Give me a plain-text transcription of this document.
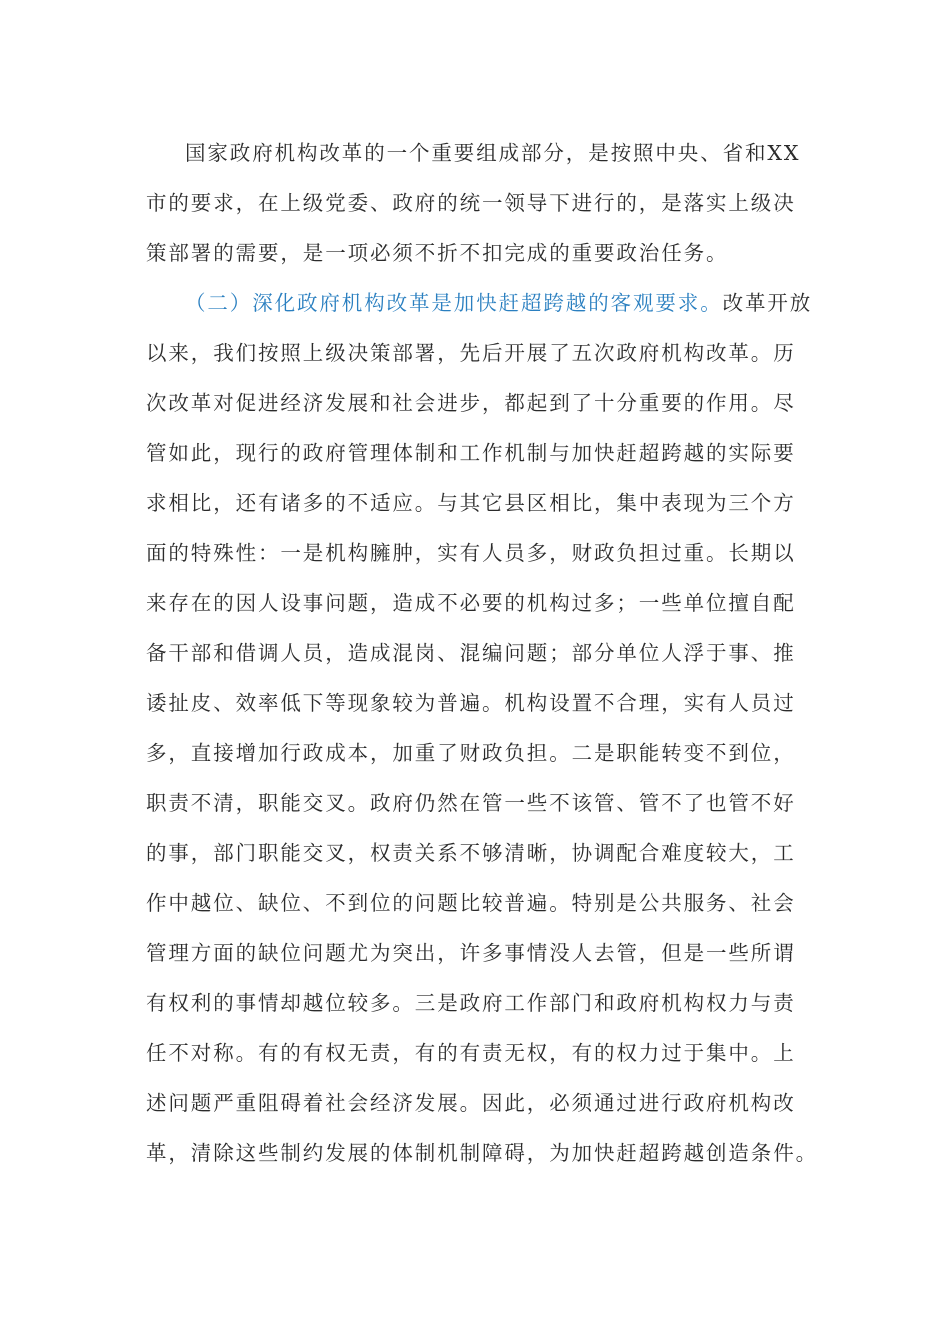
国家政府机构改革的一个重要组成部分，是按照中央、省和XX
市的要求，在上级党委、政府的统一领导下进行的，是落实上级决
策部署的需要，是一项必须不折不扣完成的重要政治任务。
（二）深化政府机构改革是加快赶超跨越的客观要求。改革开放
以来，我们按照上级决策部署，先后开展了五次政府机构改革。历
次改革对促进经济发展和社会进步，都起到了十分重要的作用。尽
管如此，现行的政府管理体制和工作机制与加快赶超跨越的实际要
求相比，还有诸多的不适应。与其它县区相比，集中表现为三个方
面的特殊性：一是机构臃肿，实有人员多，财政负担过重。长期以
来存在的因人设事问题，造成不必要的机构过多；一些单位擅自配
备干部和借调人员，造成混岗、混编问题；部分单位人浮于事、推
诿扯皮、效率低下等现象较为普遍。机构设置不合理，实有人员过
多，直接增加行政成本，加重了财政负担。二是职能转变不到位，
职责不清，职能交叉。政府仍然在管一些不该管、管不了也管不好
的事，部门职能交叉，权责关系不够清晰，协调配合难度较大，工
作中越位、缺位、不到位的问题比较普遍。特别是公共服务、社会
管理方面的缺位问题尤为突出，许多事情没人去管，但是一些所谓
有权利的事情却越位较多。三是政府工作部门和政府机构权力与责
任不对称。有的有权无责，有的有责无权，有的权力过于集中。上
述问题严重阻碍着社会经济发展。因此，必须通过进行政府机构改
革，清除这些制约发展的体制机制障碍，为加快赶超跨越创造条件。
